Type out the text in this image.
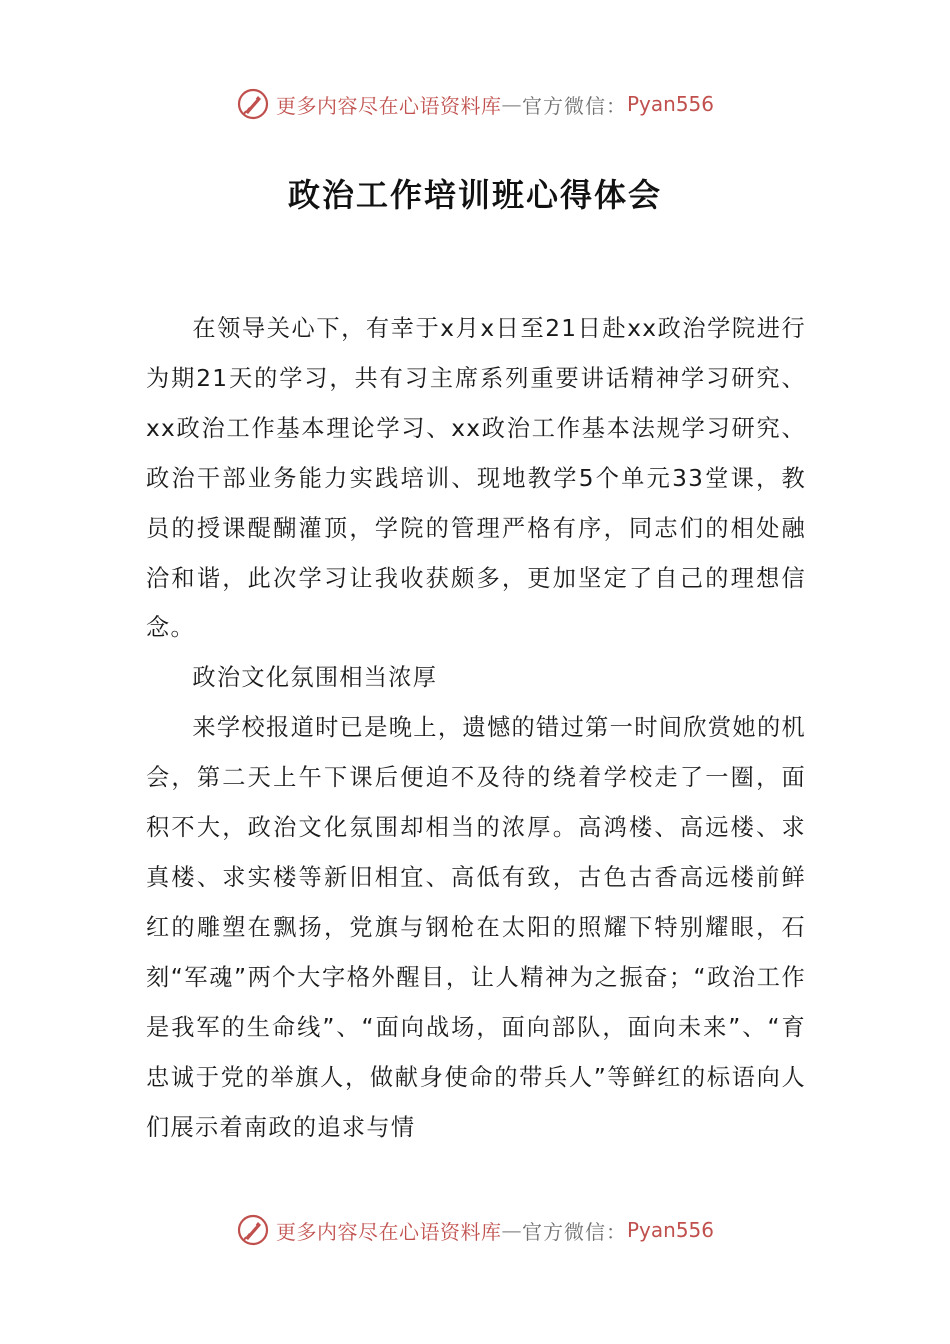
更多内容尽在心语资料库 — 官方微信： Pyan556
政治工作培训班心得体会

在领导关心下，有幸于x月x日至21日赴xx政治学院进行为期21天的学习，共有习主席系列重要讲话精神学习研究、xx政治工作基本理论学习、xx政治工作基本法规学习研究、政治干部业务能力实践培训、现地教学5个单元33堂课，教员的授课醍醐灌顶，学院的管理严格有序，同志们的相处融洽和谐，此次学习让我收获颇多，更加坚定了自己的理想信念。

政治文化氛围相当浓厚

来学校报道时已是晚上，遗憾的错过第一时间欣赏她的机会，第二天上午下课后便迫不及待的绕着学校走了一圈，面积不大，政治文化氛围却相当的浓厚。高鸿楼、高远楼、求真楼、求实楼等新旧相宜、高低有致，古色古香高远楼前鲜红的雕塑在飘扬，党旗与钢枪在太阳的照耀下特别耀眼，石刻“军魂”两个大字格外醒目，让人精神为之振奋；“政治工作是我军的生命线”、“面向战场，面向部队，面向未来”、“育忠诚于党的举旗人，做献身使命的带兵人”等鲜红的标语向人们展示着南政的追求与情

更多内容尽在心语资料库 — 官方微信： Pyan556
